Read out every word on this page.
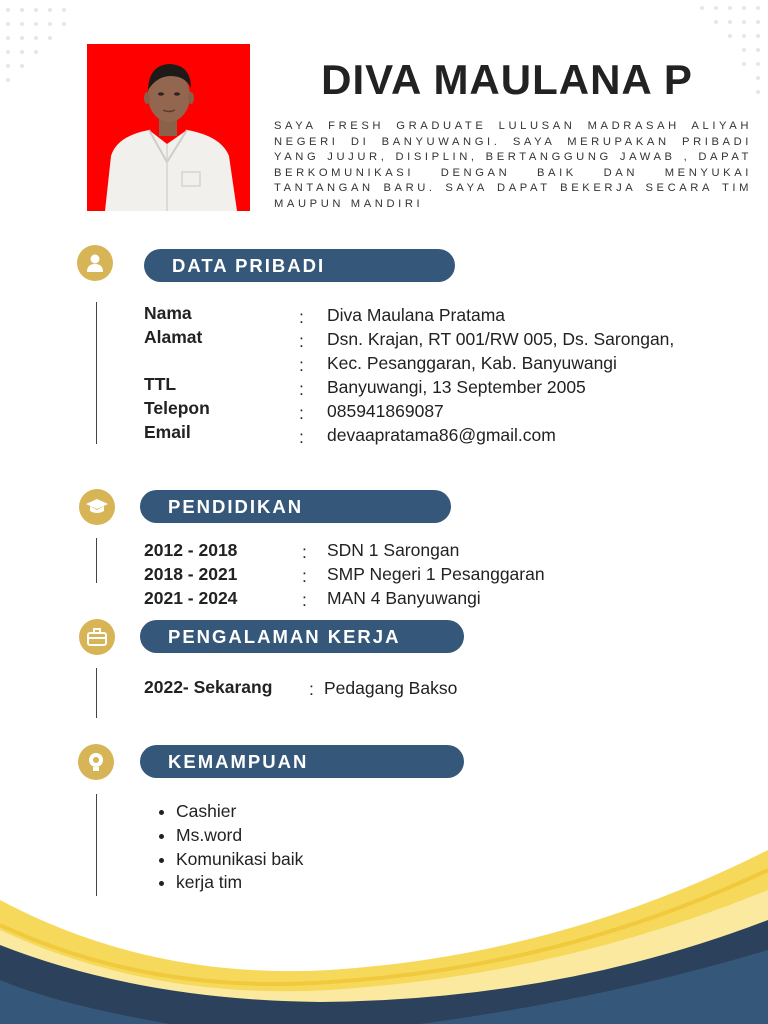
DIVA MAULANA P
SAYA FRESH GRADUATE LULUSAN MADRASAH ALIYAH NEGERI DI BANYUWANGI. SAYA MERUPAKAN PRIBADI YANG JUJUR, DISIPLIN, BERTANGGUNG JAWAB , DAPAT BERKOMUNIKASI DENGAN BAIK DAN MENYUKAI TANTANGAN BARU. SAYA DAPAT BEKERJA SECARA TIM MAUPUN MANDIRI
DATA PRIBADI
Nama
Alamat
TTL
Telepon
Email
:
:
:
:
:
:
Diva Maulana Pratama
Dsn. Krajan, RT 001/RW 005, Ds. Sarongan,
Kec. Pesanggaran, Kab. Banyuwangi
Banyuwangi, 13 September 2005
085941869087
devaapratama86@gmail.com
PENDIDIKAN
2012 - 2018
2018 - 2021
2021 - 2024
:
:
:
SDN 1 Sarongan
SMP Negeri 1 Pesanggaran
MAN 4 Banyuwangi
PENGALAMAN KERJA
2022- Sekarang : Pedagang Bakso
KEMAMPUAN
• Cashier
• Ms.word
• Komunikasi baik
• kerja tim
